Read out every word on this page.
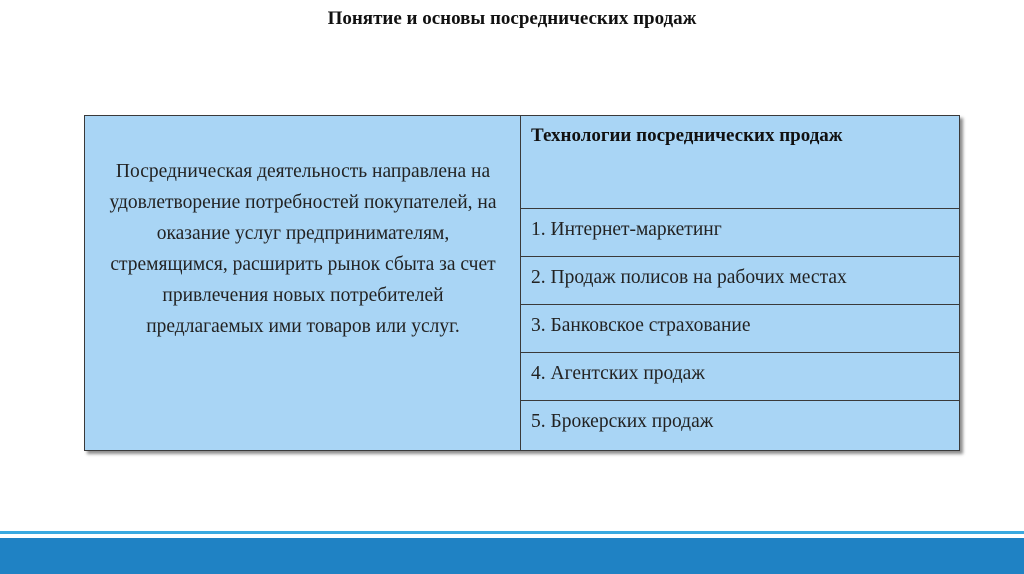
Понятие и основы посреднических продаж
Посредническая деятельность направлена на удовлетворение потребностей покупателей, на оказание услуг предпринимателям, стремящимся, расширить рынок сбыта за счет привлечения новых потребителей предлагаемых ими товаров или услуг.
Технологии посреднических продаж
1. Интернет-маркетинг
2. Продаж полисов на рабочих местах
3. Банковское страхование
4. Агентских продаж
5. Брокерских продаж
